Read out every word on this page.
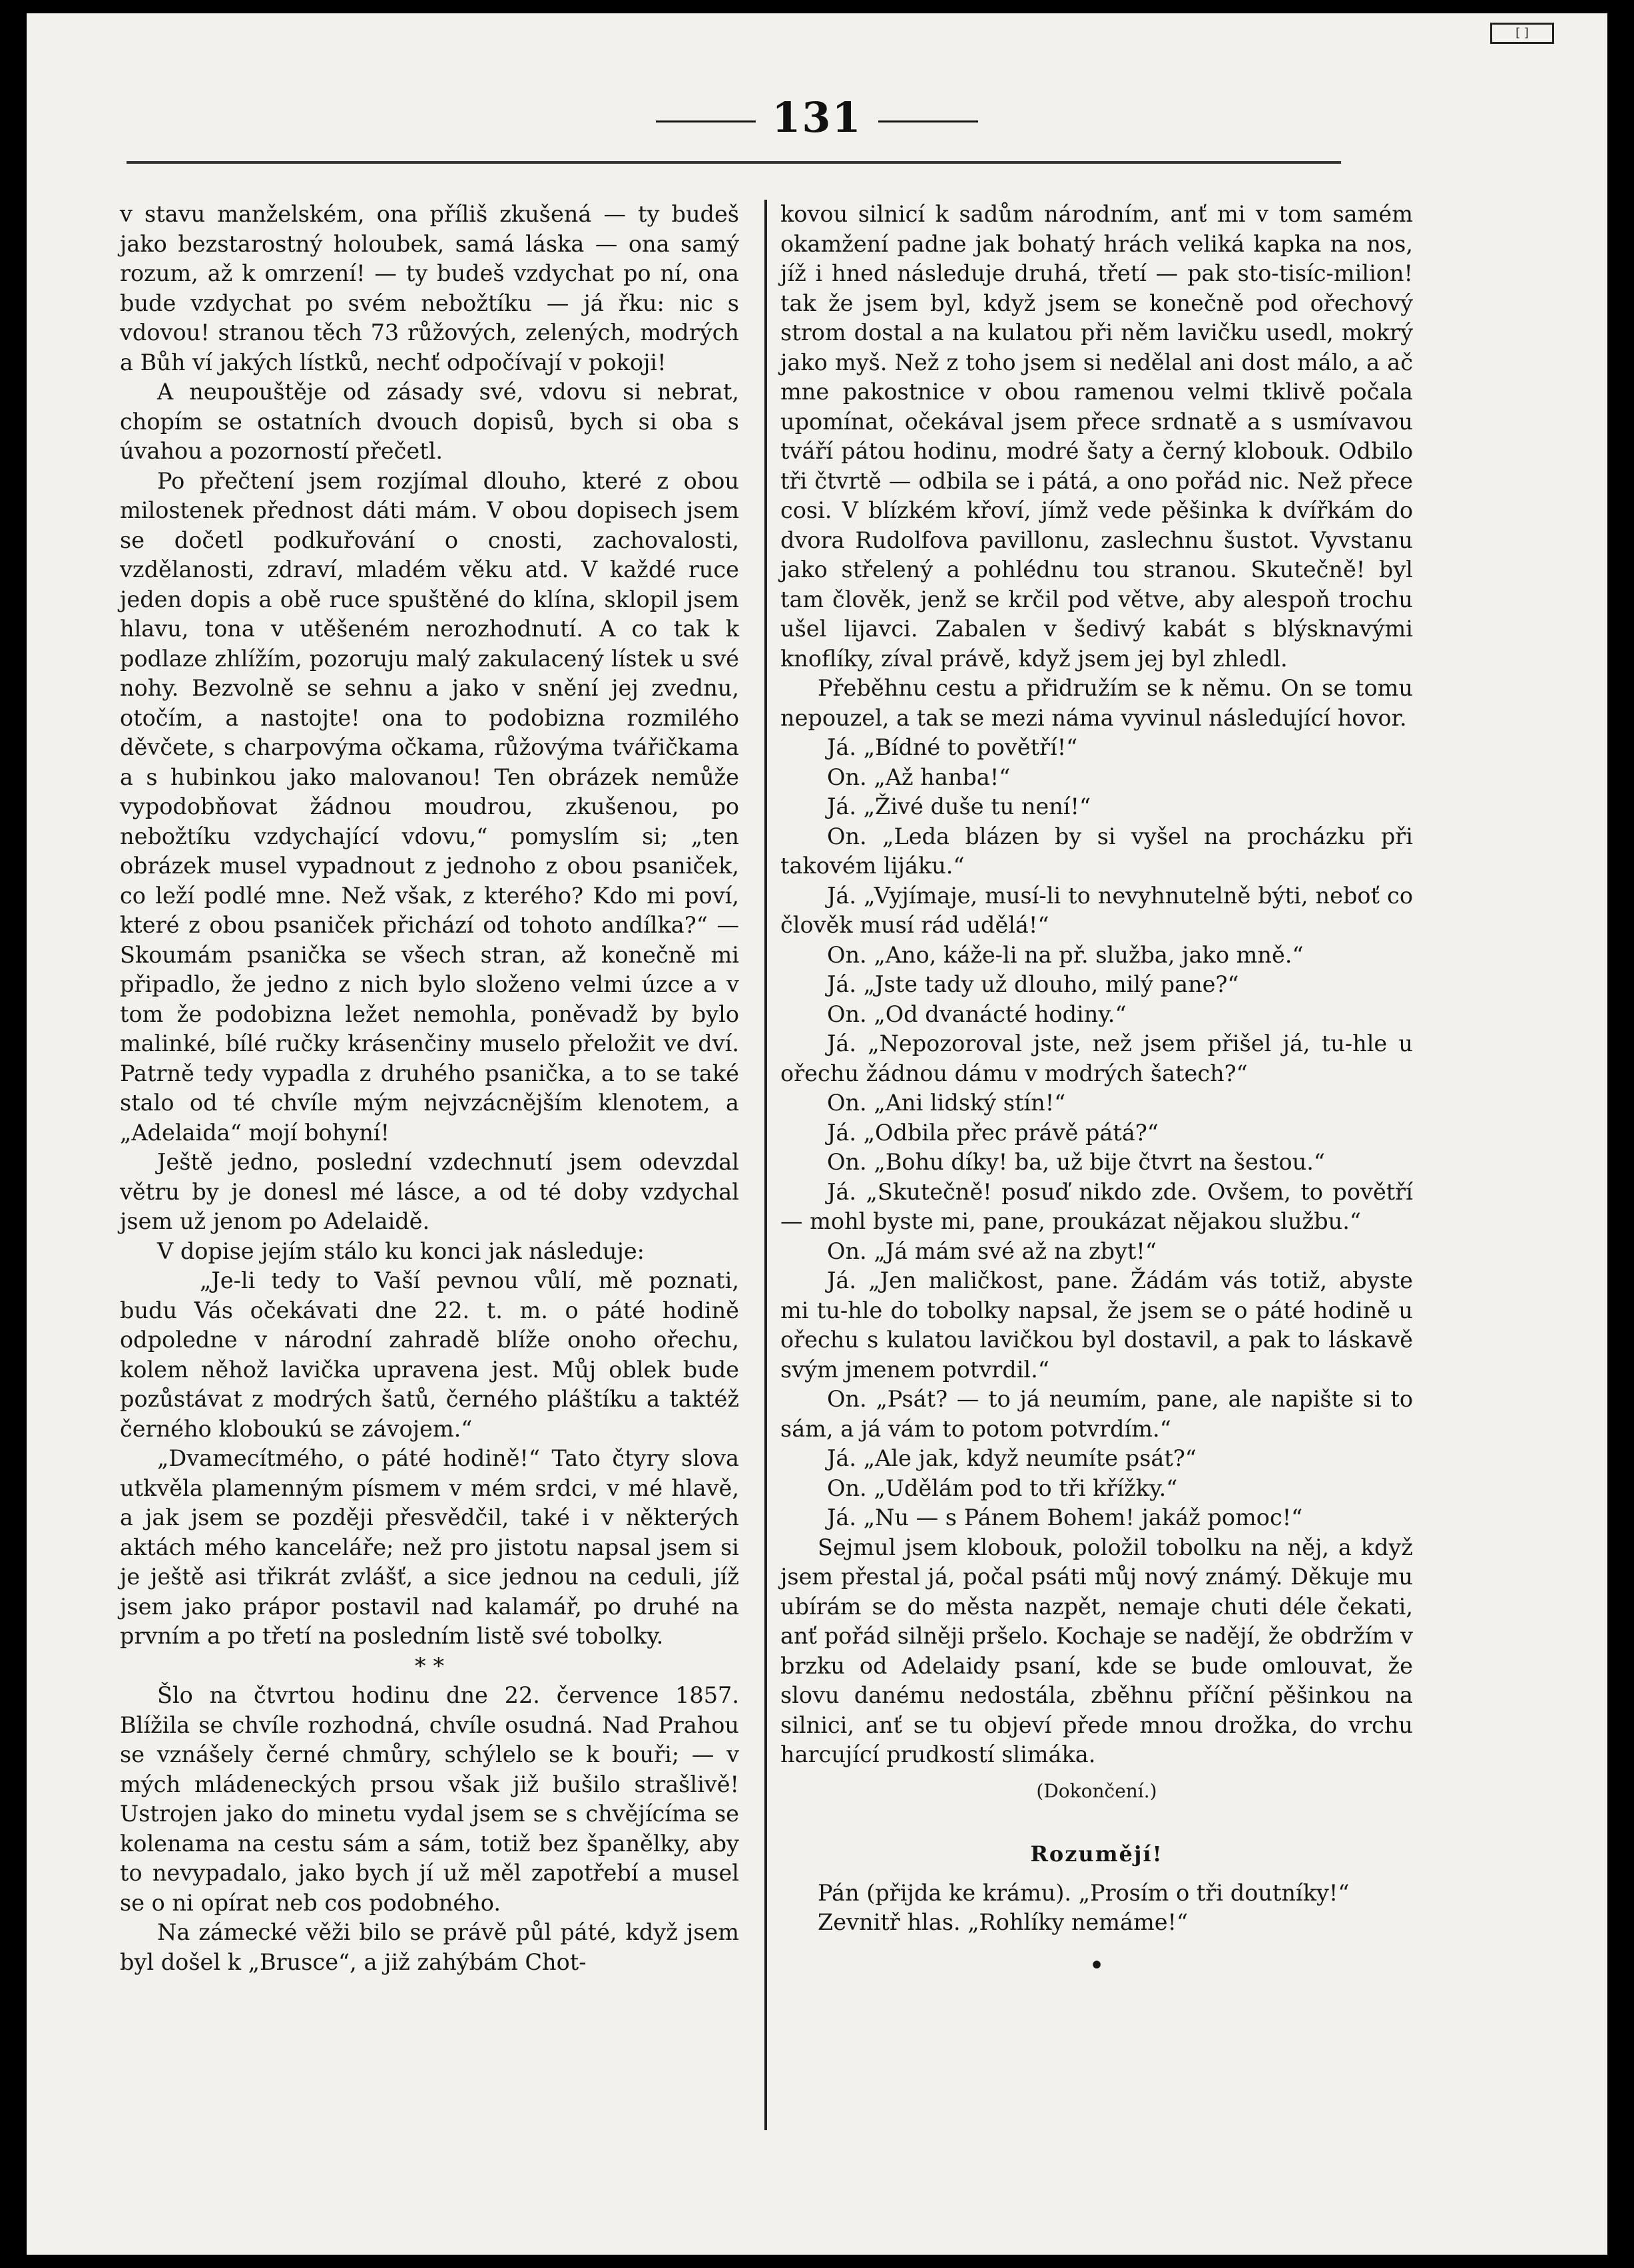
[ ]
131

v stavu manželském, ona příliš zkušená — ty budeš jako bezstarostný holoubek, samá láska — ona samý rozum, až k omrzení! — ty budeš vzdychat po ní, ona bude vzdychat po svém nebožtíku — já řku: nic s vdovou! stranou těch 73 růžových, zelených, modrých a Bůh ví jakých lístků, nechť odpočívají v pokoji!

A neupouštěje od zásady své, vdovu si nebrat, chopím se ostatních dvouch dopisů, bych si oba s úvahou a pozorností přečetl.

Po přečtení jsem rozjímal dlouho, které z obou milostenek přednost dáti mám. V obou dopisech jsem se dočetl podkuřování o cnosti, zachovalosti, vzdělanosti, zdraví, mladém věku atd. V každé ruce jeden dopis a obě ruce spuštěné do klína, sklopil jsem hlavu, tona v utěšeném nerozhodnutí. A co tak k podlaze zhlížím, pozoruju malý zakulacený lístek u své nohy. Bezvolně se sehnu a jako v snění jej zvednu, otočím, a nastojte! ona to podobizna rozmilého děvčete, s charpovýma očkama, růžovýma tvářičkama a s hubinkou jako malovanou! Ten obrázek nemůže vypodobňovat žádnou moudrou, zkušenou, po nebožtíku vzdychající vdovu,“ pomyslím si; „ten obrázek musel vypadnout z jednoho z obou psaniček, co leží podlé mne. Než však, z kterého? Kdo mi poví, které z obou psaniček přichází od tohoto andílka?“ — Skoumám psanička se všech stran, až konečně mi připadlo, že jedno z nich bylo složeno velmi úzce a v tom že podobizna ležet nemohla, poněvadž by bylo malinké, bílé ručky krásenčiny muselo přeložit ve dví. Patrně tedy vypadla z druhého psanička, a to se také stalo od té chvíle mým nejvzácnějším klenotem, a „Adelaida“ mojí bohyní!

Ještě jedno, poslední vzdechnutí jsem odevzdal větru by je donesl mé lásce, a od té doby vzdychal jsem už jenom po Adelaidě.

V dopise jejím stálo ku konci jak následuje:

„Je-li tedy to Vaší pevnou vůlí, mě poznati, budu Vás očekávati dne 22. t. m. o páté hodině odpoledne v národní zahradě blíže onoho ořechu, kolem něhož lavička upravena jest. Můj oblek bude pozůstávat z modrých šatů, černého pláštíku a taktéž černého kloboukú se závojem.“

„Dvamecítmého, o páté hodině!“ Tato čtyry slova utkvěla plamenným písmem v mém srdci, v mé hlavě, a jak jsem se později přesvědčil, také i v některých aktách mého kanceláře; než pro jistotu napsal jsem si je ještě asi třikrát zvlášť, a sice jednou na ceduli, jíž jsem jako prápor postavil nad kalamář, po druhé na prvním a po třetí na posledním listě své tobolky.

* *

Šlo na čtvrtou hodinu dne 22. července 1857. Blížila se chvíle rozhodná, chvíle osudná. Nad Prahou se vznášely černé chmůry, schýlelo se k bouři; — v mých mládeneckých prsou však již bušilo strašlivě! Ustrojen jako do minetu vydal jsem se s chvějícíma se kolenama na cestu sám a sám, totiž bez španělky, aby to nevypadalo, jako bych jí už měl zapotřebí a musel se o ni opírat neb cos podobného.

Na zámecké věži bilo se právě půl páté, když jsem byl došel k „Brusce“, a již zahýbám Chot-

kovou silnicí k sadům národním, anť mi v tom samém okamžení padne jak bohatý hrách veliká kapka na nos, jíž i hned následuje druhá, třetí — pak sto-tisíc-milion! tak že jsem byl, když jsem se konečně pod ořechový strom dostal a na kulatou při něm lavičku usedl, mokrý jako myš. Než z toho jsem si nedělal ani dost málo, a ač mne pakostnice v obou ramenou velmi tklivě počala upomínat, očekával jsem přece srdnatě a s usmívavou tváří pátou hodinu, modré šaty a černý klobouk. Odbilo tři čtvrtě — odbila se i pátá, a ono pořád nic. Než přece cosi. V blízkém křoví, jímž vede pěšinka k dvířkám do dvora Rudolfova pavillonu, zaslechnu šustot. Vyvstanu jako střelený a pohlédnu tou stranou. Skutečně! byl tam člověk, jenž se krčil pod větve, aby alespoň trochu ušel lijavci. Zabalen v šedivý kabát s blýsknavými knoflíky, zíval právě, když jsem jej byl zhledl.

Přeběhnu cestu a přidružím se k němu. On se tomu nepouzel, a tak se mezi náma vyvinul následující hovor.

Já. „Bídné to povětří!“

On. „Až hanba!“

Já. „Živé duše tu není!“

On. „Leda blázen by si vyšel na procházku při takovém lijáku.“

Já. „Vyjímaje, musí-li to nevyhnutelně býti, neboť co člověk musí rád udělá!“

On. „Ano, káže-li na př. služba, jako mně.“

Já. „Jste tady už dlouho, milý pane?“

On. „Od dvanácté hodiny.“

Já. „Nepozoroval jste, než jsem přišel já, tu-hle u ořechu žádnou dámu v modrých šatech?“

On. „Ani lidský stín!“

Já. „Odbila přec právě pátá?“

On. „Bohu díky! ba, už bije čtvrt na šestou.“

Já. „Skutečně! posuď nikdo zde. Ovšem, to povětří — mohl byste mi, pane, proukázat nějakou službu.“

On. „Já mám své až na zbyt!“

Já. „Jen maličkost, pane. Žádám vás totiž, abyste mi tu-hle do tobolky napsal, že jsem se o páté hodině u ořechu s kulatou lavičkou byl dostavil, a pak to láskavě svým jmenem potvrdil.“

On. „Psát? — to já neumím, pane, ale napište si to sám, a já vám to potom potvrdím.“

Já. „Ale jak, když neumíte psát?“

On. „Udělám pod to tři křížky.“

Já. „Nu — s Pánem Bohem! jakáž pomoc!“

Sejmul jsem klobouk, položil tobolku na něj, a když jsem přestal já, počal psáti můj nový známý. Děkuje mu ubírám se do města nazpět, nemaje chuti déle čekati, anť pořád silněji pršelo. Kochaje se nadějí, že obdržím v brzku od Adelaidy psaní, kde se bude omlouvat, že slovu danému nedostála, zběhnu příční pěšinkou na silnici, anť se tu objeví přede mnou drožka, do vrchu harcující prudkostí slimáka.

(Dokončení.)

Rozumějí!

Pán (přijda ke krámu). „Prosím o tři doutníky!“

Zevnitř hlas. „Rohlíky nemáme!“

•
